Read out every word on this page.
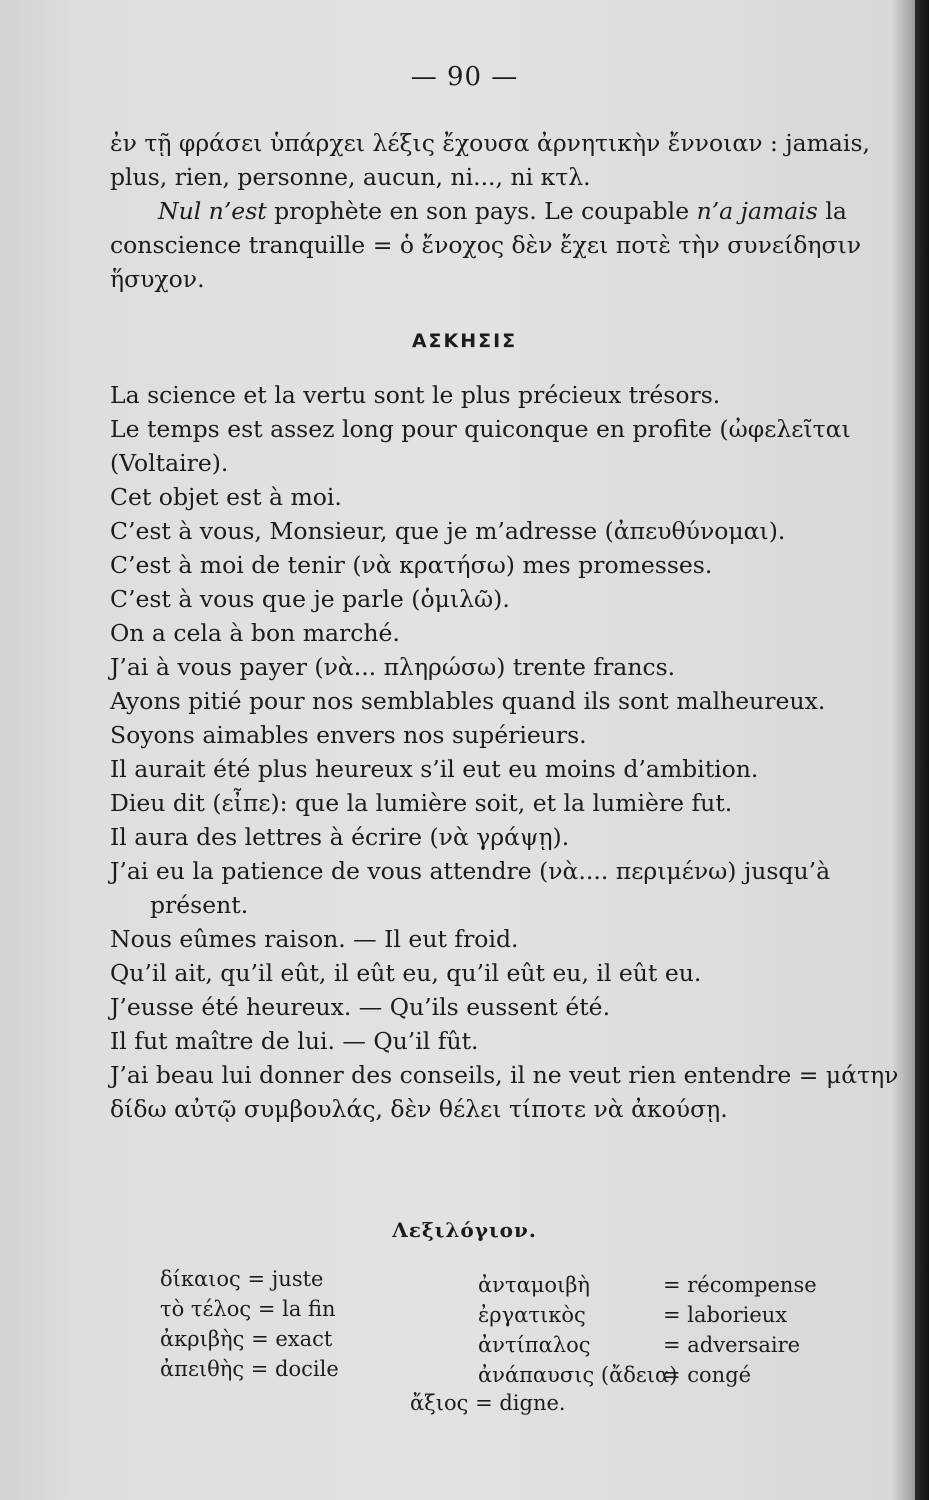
— 90 —

ἐν τῇ φράσει ὑπάρχει λέξις ἔχουσα ἀρνητικὴν ἔννοιαν : jamais, plus, rien, personne, aucun, ni..., ni κτλ.

Nul n’est prophète en son pays. Le coupable n’a jamais la conscience tranquille = ὁ ἔνοχος δὲν ἔχει ποτὲ τὴν συνείδησιν ἥσυχον.

ΑΣΚΗΣΙΣ

La science et la vertu sont le plus précieux trésors.

Le temps est assez long pour quiconque en profite (ὠφελεῖται (Voltaire).

Cet objet est à moi.

C’est à vous, Monsieur, que je m’adresse (ἀπευθύνομαι).

C’est à moi de tenir (νὰ κρατήσω) mes promesses.

C’est à vous que je parle (ὁμιλῶ).

On a cela à bon marché.

J’ai à vous payer (νὰ... πληρώσω) trente francs.

Ayons pitié pour nos semblables quand ils sont malheureux.

Soyons aimables envers nos supérieurs.

Il aurait été plus heureux s’il eut eu moins d’ambition.

Dieu dit (εἶπε): que la lumière soit, et la lumière fut.

Il aura des lettres à écrire (νὰ γράψῃ).

J’ai eu la patience de vous attendre (νὰ.... περιμένω) jusqu’à présent.

Nous eûmes raison. — Il eut froid.

Qu’il ait, qu’il eût, il eût eu, qu’il eût eu, il eût eu.

J’eusse été heureux. — Qu’ils eussent été.

Il fut maître de lui. — Qu’il fût.

J’ai beau lui donner des conseils, il ne veut rien entendre = μάτην δίδω αὐτῷ συμβουλάς, δὲν θέλει τίποτε νὰ ἀκούσῃ.

Λεξιλόγιον.
δίκαιος = juste
τὸ τέλος = la fin
ἀκριβὴς = exact
ἀπειθὴς = docile
ἀνταμοιβὴ	= récompense
ἐργατικὸς	= laborieux
ἀντίπαλος	= adversaire
ἀνάπαυσις (ἄδεια)= congé
ἄξιος = digne.
